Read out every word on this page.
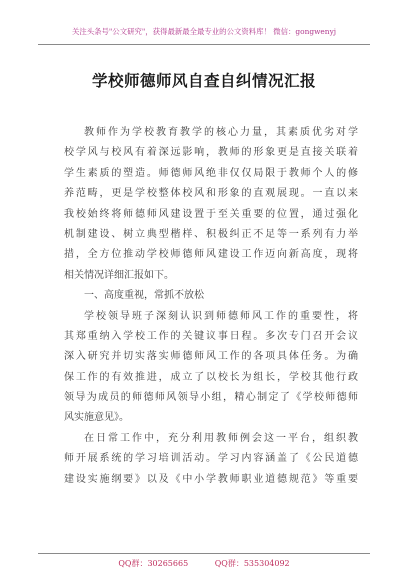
关注头条号"公文研究"，获得最新最全最专业的公文资料库！ 微信：gongwenyj
学校师德师风自查自纠情况汇报
教师作为学校教育教学的核心力量，其素质优劣对学
校学风与校风有着深远影响，教师的形象更是直接关联着
学生素质的塑造。师德师风绝非仅仅局限于教师个人的修
养范畴，更是学校整体校风和形象的直观展现。一直以来
我校始终将师德师风建设置于至关重要的位置，通过强化
机制建设、树立典型楷样、积极纠正不足等一系列有力举
措，全方位推动学校师德师风建设工作迈向新高度，现将
相关情况详细汇报如下。
一、高度重视，常抓不放松
学校领导班子深刻认识到师德师风工作的重要性，将
其郑重纳入学校工作的关键议事日程。多次专门召开会议
深入研究并切实落实师德师风工作的各项具体任务。为确
保工作的有效推进，成立了以校长为组长，学校其他行政
领导为成员的师德师风领导小组，精心制定了《学校师德师
风实施意见》。
在日常工作中，充分利用教师例会这一平台，组织教
师开展系统的学习培训活动。学习内容涵盖了《公民道德
建设实施纲要》以及《中小学教师职业道德规范》等重要
QQ群：30265665	QQ群：535304092
